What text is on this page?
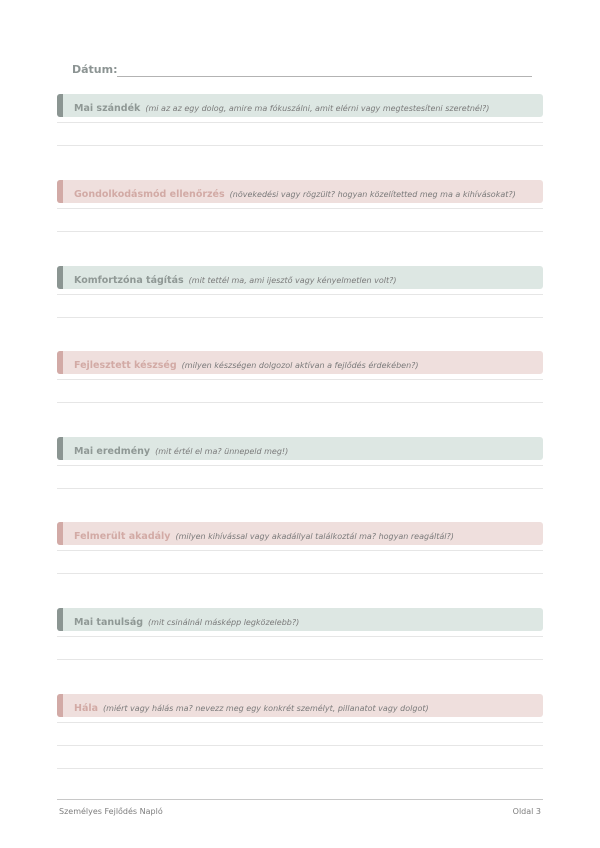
Dátum:
Mai szándék (mi az az egy dolog, amire ma fókuszálni, amit elérni vagy megtestesíteni szeretnél?)
Gondolkodásmód ellenőrzés (növekedési vagy rögzült? hogyan közelítetted meg ma a kihívásokat?)
Komfortzóna tágítás (mit tettél ma, ami ijesztő vagy kényelmetlen volt?)
Fejlesztett készség (milyen készségen dolgozol aktívan a fejlődés érdekében?)
Mai eredmény (mit értél el ma? ünnepeld meg!)
Felmerült akadály (milyen kihívással vagy akadállyal találkoztál ma? hogyan reagáltál?)
Mai tanulság (mit csinálnál másképp legközelebb?)
Hála (miért vagy hálás ma? nevezz meg egy konkrét személyt, pillanatot vagy dolgot)
Személyes Fejlődés Napló	Oldal 3
